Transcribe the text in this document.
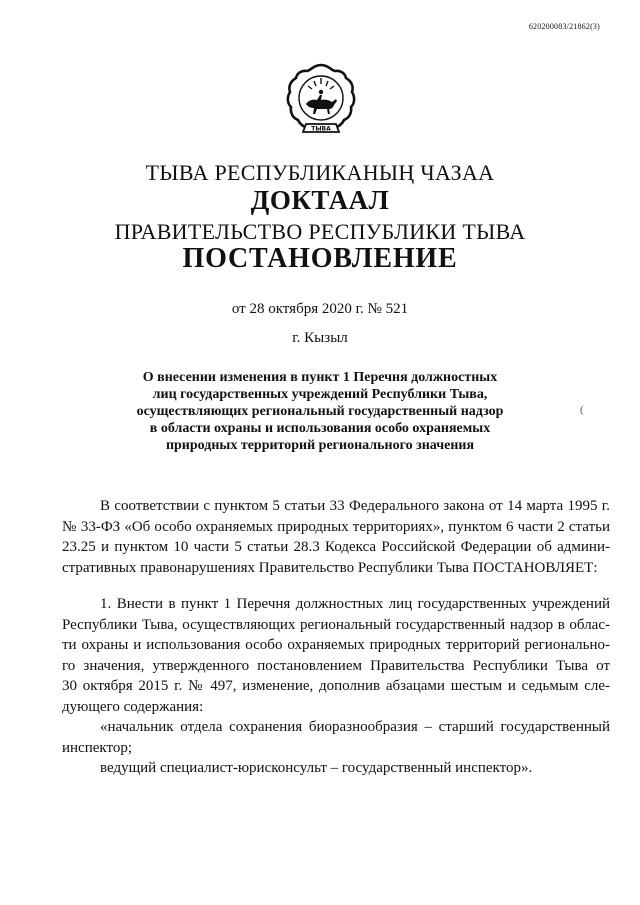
620200083/21862(3)
ТЫВА
ТЫВА РЕСПУБЛИКАНЫҢ ЧАЗАА
ДОКТААЛ
ПРАВИТЕЛЬСТВО РЕСПУБЛИКИ ТЫВА
ПОСТАНОВЛЕНИЕ
от 28 октября 2020 г. № 521
г. Кызыл
О внесении изменения в пункт 1 Перечня должностных
лиц государственных учреждений Республики Тыва,
осуществляющих региональный государственный надзор
в области охраны и использования особо охраняемых
природных территорий регионального значения
(
В соответствии с пунктом 5 статьи 33 Федерального закона от 14 марта 1995 г.
№ 33-ФЗ «Об особо охраняемых природных территориях», пунктом 6 части 2 статьи
23.25 и пунктом 10 части 5 статьи 28.3 Кодекса Российской Федерации об админи-
стративных правонарушениях Правительство Республики Тыва ПОСТАНОВЛЯЕТ:
1. Внести в пункт 1 Перечня должностных лиц государственных учреждений
Республики Тыва, осуществляющих региональный государственный надзор в облас-
ти охраны и использования особо охраняемых природных территорий регионально-
го значения, утвержденного постановлением Правительства Республики Тыва от
30 октября 2015 г. № 497, изменение, дополнив абзацами шестым и седьмым сле-
дующего содержания:
«начальник отдела сохранения биоразнообразия – старший государственный
инспектор;
ведущий специалист-юрисконсульт – государственный инспектор».
